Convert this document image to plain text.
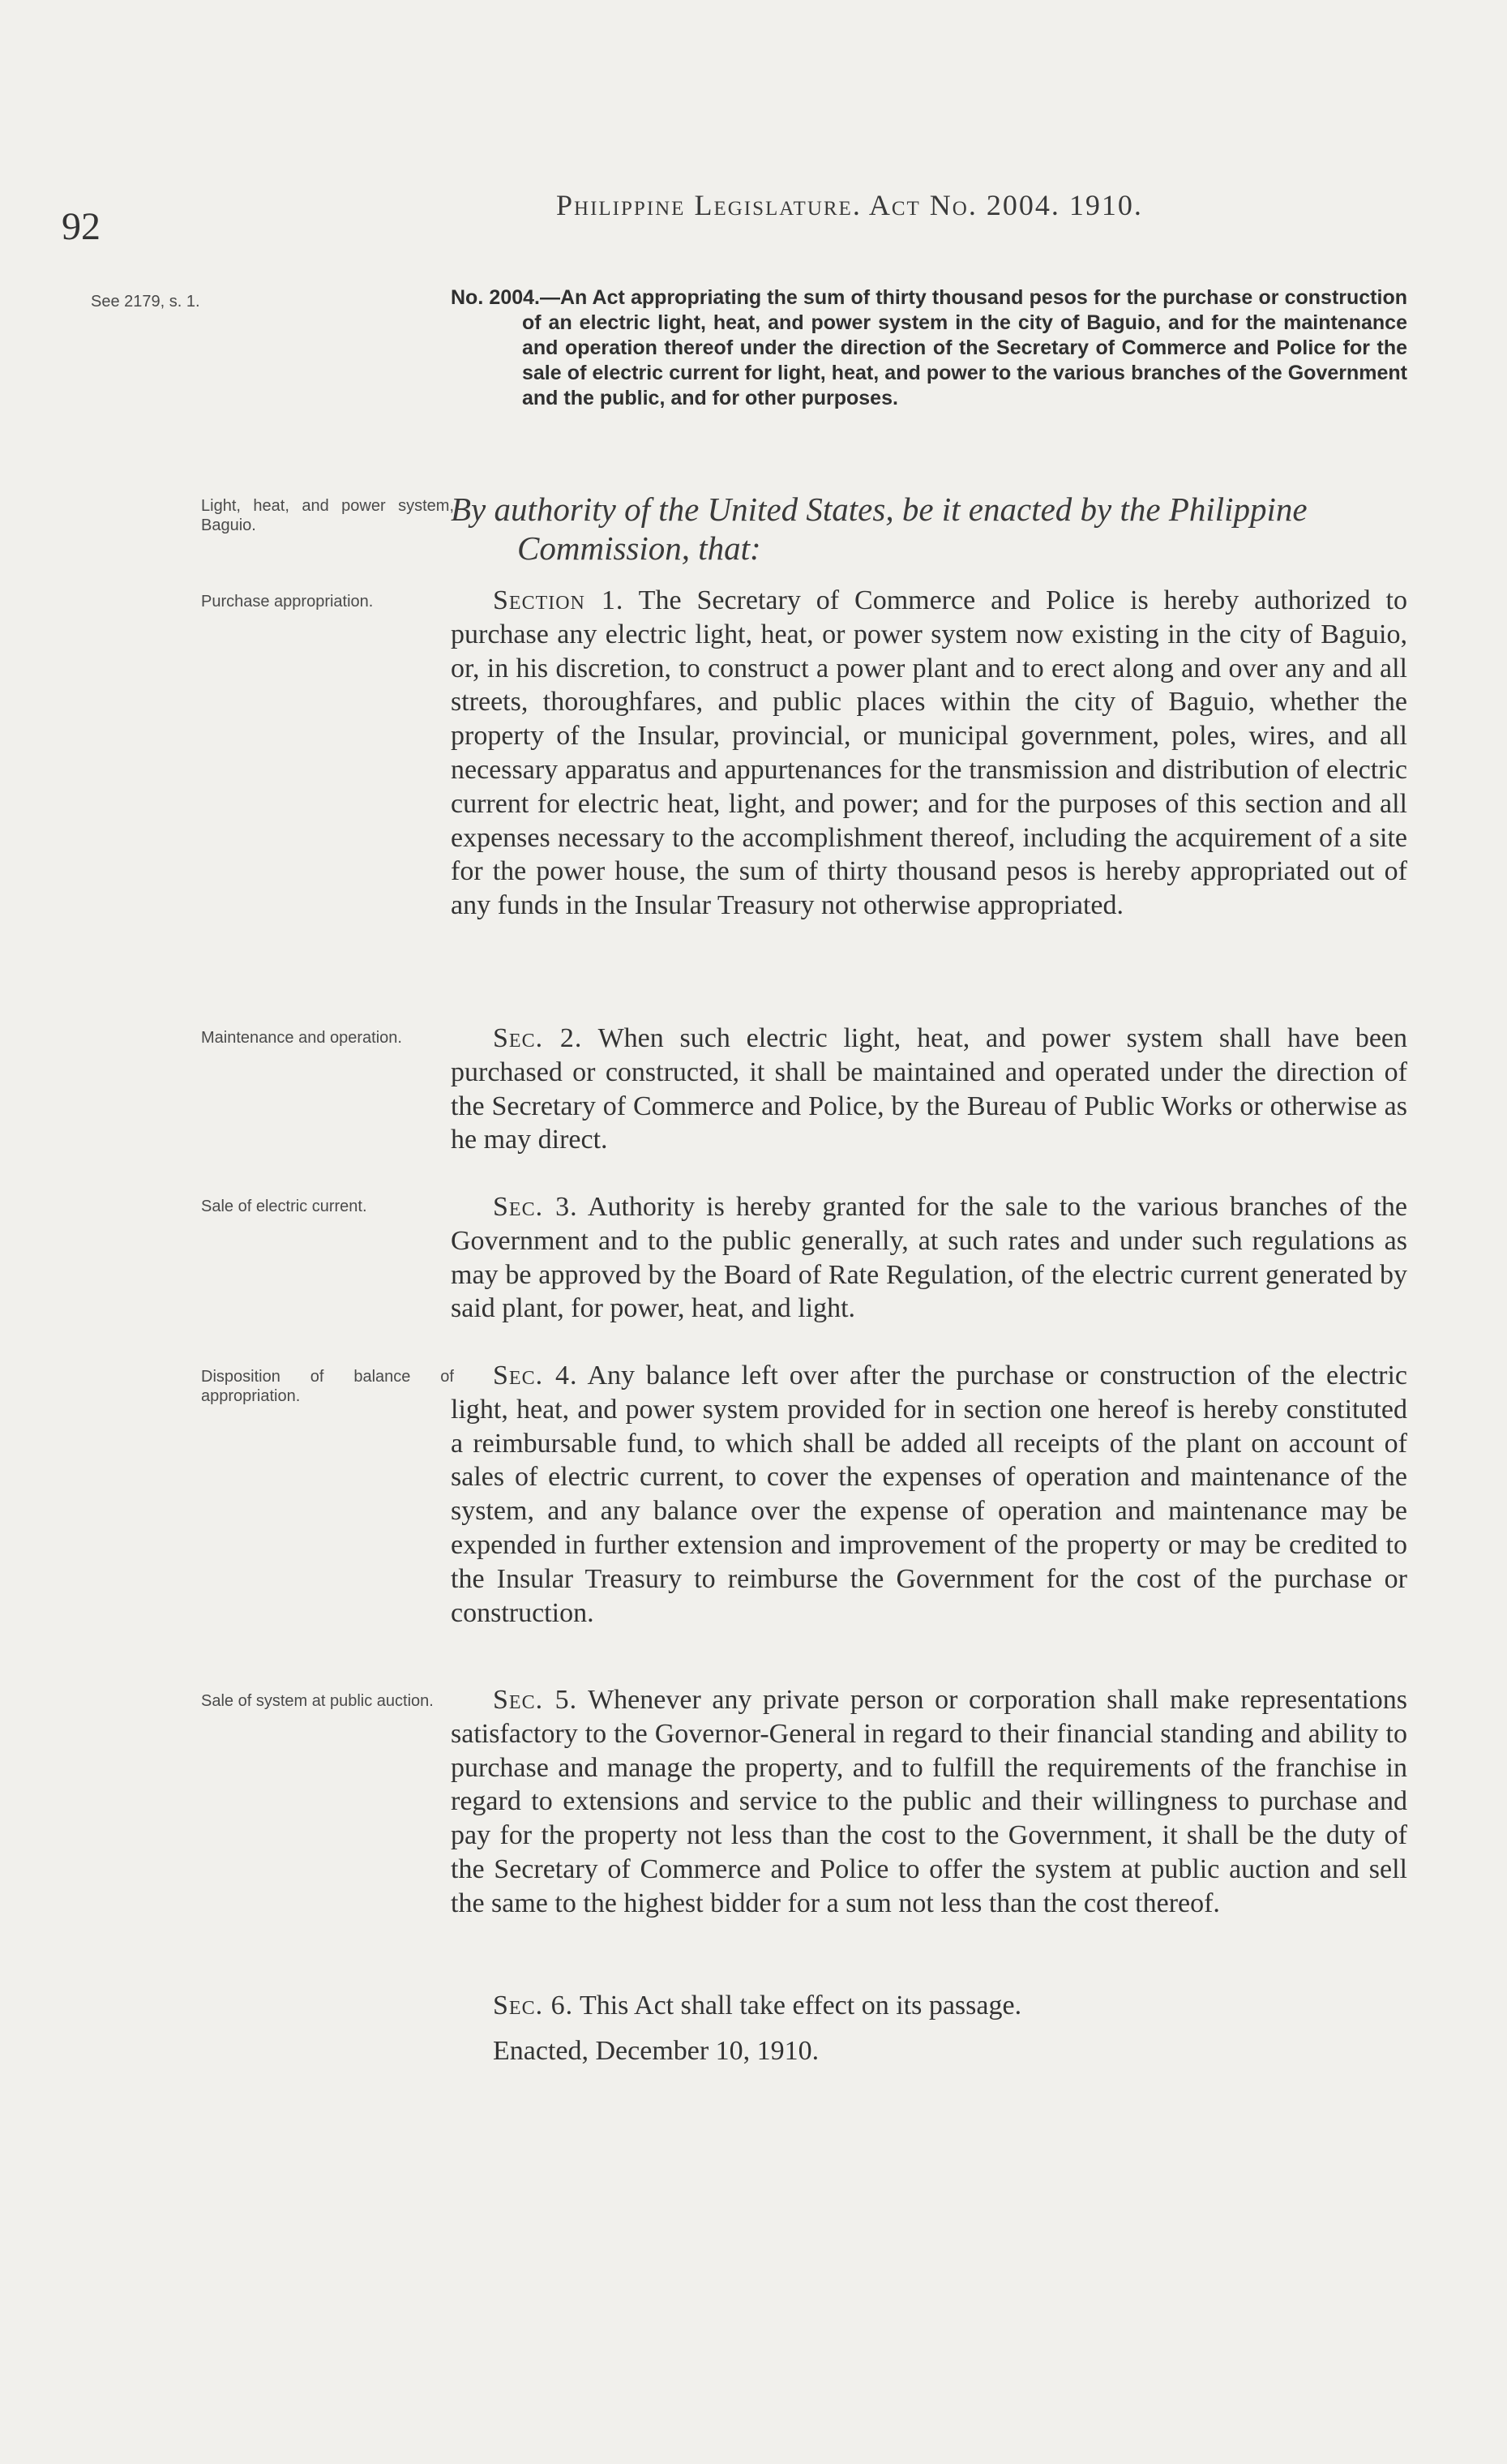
92	Philippine Legislature. Act No. 2004. 1910.
See 2179, s. 1.	No. 2004.—An Act appropriating the sum of thirty thousand pesos for the purchase or construction of an electric light, heat, and power system in the city of Baguio, and for the maintenance and operation thereof under the direction of the Secretary of Commerce and Police for the sale of electric current for light, heat, and power to the various branches of the Government and the public, and for other purposes.
Light, heat, and power system, Baguio.	By authority of the United States, be it enacted by the Philippine Commission, that:
Purchase appropriation.	Section 1. The Secretary of Commerce and Police is hereby authorized to purchase any electric light, heat, or power system now existing in the city of Baguio, or, in his discretion, to construct a power plant and to erect along and over any and all streets, thoroughfares, and public places within the city of Baguio, whether the property of the Insular, provincial, or municipal government, poles, wires, and all necessary apparatus and appurtenances for the transmission and distribution of electric current for electric heat, light, and power; and for the purposes of this section and all expenses necessary to the accomplishment thereof, including the acquirement of a site for the power house, the sum of thirty thousand pesos is hereby appropriated out of any funds in the Insular Treasury not otherwise appropriated.
Maintenance and operation.	Sec. 2. When such electric light, heat, and power system shall have been purchased or constructed, it shall be maintained and operated under the direction of the Secretary of Commerce and Police, by the Bureau of Public Works or otherwise as he may direct.
Sale of electric current.	Sec. 3. Authority is hereby granted for the sale to the various branches of the Government and to the public generally, at such rates and under such regulations as may be approved by the Board of Rate Regulation, of the electric current generated by said plant, for power, heat, and light.
Disposition of balance of appropriation.
Sec. 4. Any balance left over after the purchase or construction of the electric light, heat, and power system provided for in section one hereof is hereby constituted a reimbursable fund, to which shall be added all receipts of the plant on account of sales of electric current, to cover the expenses of operation and maintenance of the system, and any balance over the expense of operation and maintenance may be expended in further extension and improvement of the property or may be credited to the Insular Treasury to reimburse the Government for the cost of the purchase or construction.
Sale of system at public auction.	Sec. 5. Whenever any private person or corporation shall make representations satisfactory to the Governor-General in regard to their financial standing and ability to purchase and manage the property, and to fulfill the requirements of the franchise in regard to extensions and service to the public and their willingness to purchase and pay for the property not less than the cost to the Government, it shall be the duty of the Secretary of Commerce and Police to offer the system at public auction and sell the same to the highest bidder for a sum not less than the cost thereof.
Sec. 6. This Act shall take effect on its passage.
Enacted, December 10, 1910.
